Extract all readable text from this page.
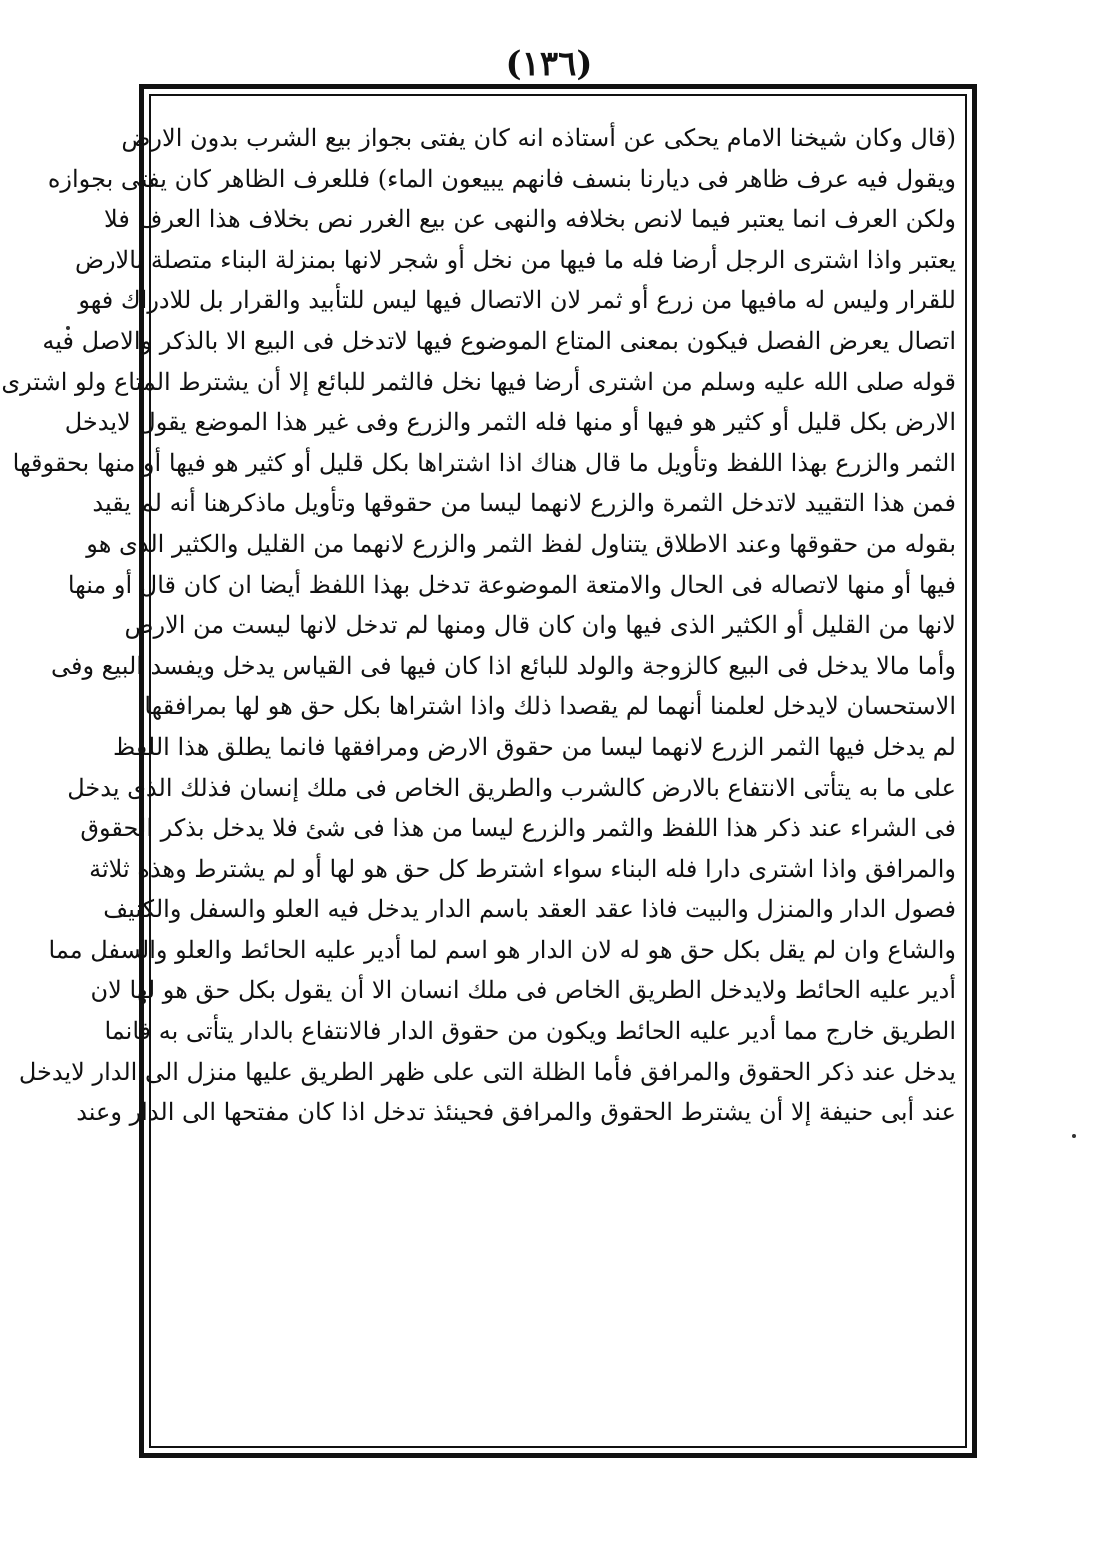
(١٣٦)
(قال وكان شيخنا الامام يحكى عن أستاذه انه كان يفتى بجواز بيع الشرب بدون الارض
ويقول فيه عرف ظاهر فى ديارنا بنسف فانهم يبيعون الماء) فللعرف الظاهر كان يفتى بجوازه
ولكن العرف انما يعتبر فيما لانص بخلافه والنهى عن بيع الغرر نص بخلاف هذا العرف فلا
يعتبر واذا اشترى الرجل أرضا فله ما فيها من نخل أو شجر لانها بمنزلة البناء متصلة بالارض
للقرار وليس له مافيها من زرع أو ثمر لان الاتصال فيها ليس للتأبيد والقرار بل للادراك فهو
اتصال يعرض الفصل فيكون بمعنى المتاع الموضوع فيها لاتدخل فى البيع الا بالذكر والاصل فيه
قوله صلى الله عليه وسلم من اشترى أرضا فيها نخل فالثمر للبائع إلا أن يشترط المتاع ولو اشترى
الارض بكل قليل أو كثير هو فيها أو منها فله الثمر والزرع وفى غير هذا الموضع يقول لايدخل
الثمر والزرع بهذا اللفظ وتأويل ما قال هناك اذا اشتراها بكل قليل أو كثير هو فيها أو منها بحقوقها
فمن هذا التقييد لاتدخل الثمرة والزرع لانهما ليسا من حقوقها وتأويل ماذكرهنا أنه لم يقيد
بقوله من حقوقها وعند الاطلاق يتناول لفظ الثمر والزرع لانهما من القليل والكثير الذى هو
فيها أو منها لاتصاله فى الحال والامتعة الموضوعة تدخل بهذا اللفظ أيضا ان كان قال أو منها
لانها من القليل أو الكثير الذى فيها وان كان قال ومنها لم تدخل لانها ليست من الارض
وأما مالا يدخل فى البيع كالزوجة والولد للبائع اذا كان فيها فى القياس يدخل ويفسد البيع وفى
الاستحسان لايدخل لعلمنا أنهما لم يقصدا ذلك واذا اشتراها بكل حق هو لها بمرافقها
لم يدخل فيها الثمر الزرع لانهما ليسا من حقوق الارض ومرافقها فانما يطلق هذا اللفظ
على ما به يتأتى الانتفاع بالارض كالشرب والطريق الخاص فى ملك إنسان فذلك الذى يدخل
فى الشراء عند ذكر هذا اللفظ والثمر والزرع ليسا من هذا فى شئ فلا يدخل بذكر الحقوق
والمرافق واذا اشترى دارا فله البناء سواء اشترط كل حق هو لها أو لم يشترط وهذه ثلاثة
فصول الدار والمنزل والبيت فاذا عقد العقد باسم الدار يدخل فيه العلو والسفل والكنيف
والشاع وان لم يقل بكل حق هو له لان الدار هو اسم لما أدير عليه الحائط والعلو والسفل مما
أدير عليه الحائط ولايدخل الطريق الخاص فى ملك انسان الا أن يقول بكل حق هو لها لان
الطريق خارج مما أدير عليه الحائط ويكون من حقوق الدار فالانتفاع بالدار يتأتى به فانما
يدخل عند ذكر الحقوق والمرافق فأما الظلة التى على ظهر الطريق عليها منزل الى الدار لايدخل
عند أبى حنيفة إلا أن يشترط الحقوق والمرافق فحينئذ تدخل اذا كان مفتحها الى الدار وعند
